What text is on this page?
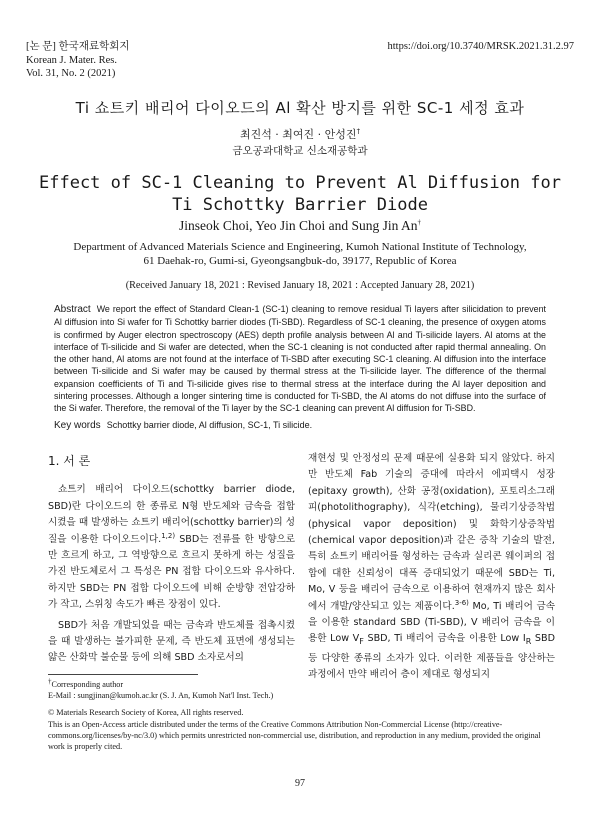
[논 문] 한국재료학회지
Korean J. Mater. Res.
Vol. 31, No. 2 (2021)
https://doi.org/10.3740/MRSK.2021.31.2.97
Ti 쇼트키 배리어 다이오드의 Al 확산 방지를 위한 SC-1 세정 효과
최진석 · 최여진 · 안성진†
금오공과대학교 신소재공학과
Effect of SC-1 Cleaning to Prevent Al Diffusion for
Ti Schottky Barrier Diode
Jinseok Choi, Yeo Jin Choi and Sung Jin An†
Department of Advanced Materials Science and Engineering, Kumoh National Institute of Technology,
61 Daehak-ro, Gumi-si, Gyeongsangbuk-do, 39177, Republic of Korea
(Received January 18, 2021 : Revised January 18, 2021 : Accepted January 28, 2021)
Abstract We report the effect of Standard Clean-1 (SC-1) cleaning to remove residual Ti layers after silicidation to prevent Al diffusion into Si wafer for Ti Schottky barrier diodes (Ti-SBD). Regardless of SC-1 cleaning, the presence of oxygen atoms is confirmed by Auger electron spectroscopy (AES) depth profile analysis between Al and Ti-silicide layers. Al atoms at the interface of Ti-silicide and Si wafer are detected, when the SC-1 cleaning is not conducted after rapid thermal annealing. On the other hand, Al atoms are not found at the interface of Ti-SBD after executing SC-1 cleaning. Al diffusion into the interface between Ti-silicide and Si wafer may be caused by thermal stress at the Ti-silicide layer. The difference of the thermal expansion coefficients of Ti and Ti-silicide gives rise to thermal stress at the interface during the Al layer deposition and sintering processes. Although a longer sintering time is conducted for Ti-SBD, the Al atoms do not diffuse into the surface of the Si wafer. Therefore, the removal of the Ti layer by the SC-1 cleaning can prevent Al diffusion for Ti-SBD.
Key words Schottky barrier diode, Al diffusion, SC-1, Ti silicide.
1. 서 론

쇼트키 배리어 다이오드(schottky barrier diode, SBD)란 다이오드의 한 종류로 N형 반도체와 금속을 접합 시켰을 때 발생하는 쇼트키 배리어(schottky barrier)의 성질을 이용한 다이오드이다.$^{1,2)}$ SBD는 전류를 한 방향으로만 흐르게 하고, 그 역방향으로 흐르지 못하게 하는 성질을 가진 반도체로서 그 특성은 PN 접합 다이오드와 유사하다. 하지만 SBD는 PN 접합 다이오드에 비해 순방향 전압강하가 작고, 스위칭 속도가 빠른 장점이 있다.

SBD가 처음 개발되었을 때는 금속과 반도체를 접촉시켰을 때 발생하는 불가피한 문제, 즉 반도체 표면에 생성되는 얇은 산화막 불순물 등에 의해 SBD 소자로서의

재현성 및 안정성의 문제 때문에 실용화 되지 않았다. 하지만 반도체 Fab 기술의 증대에 따라서 에피택시 성장(epitaxy growth), 산화 공정(oxidation), 포토리소그래피(photolithography), 식각(etching), 물리기상증착법(physical vapor deposition) 및 화학기상증착법(chemical vapor deposition)과 같은 증착 기술의 발전, 특히 쇼트키 배리어를 형성하는 금속과 실리콘 웨이퍼의 접합에 대한 신뢰성이 대폭 증대되었기 때문에 SBD는 Ti, Mo, V 등을 배리어 금속으로 이용하여 현재까지 많은 회사에서 개발/양산되고 있는 제품이다.$^{3-6)}$ Mo, Ti 배리어 금속을 이용한 standard SBD (Ti-SBD), V 배리어 금속을 이용한 Low $V_F$ SBD, Ti 배리어 금속을 이용한 Low $I_R$ SBD 등 다양한 종류의 소자가 있다. 이러한 제품들을 양산하는 과정에서 만약 배리어 층이 제대로 형성되지
†Corresponding author
E-Mail : sungjinan@kumoh.ac.kr (S. J. An, Kumoh Nat'l Inst. Tech.)
© Materials Research Society of Korea, All rights reserved.
This is an Open-Access article distributed under the terms of the Creative Commons Attribution Non-Commercial License (http://creative-commons.org/licenses/by-nc/3.0) which permits unrestricted non-commercial use, distribution, and reproduction in any medium, provided the original work is properly cited.
97
